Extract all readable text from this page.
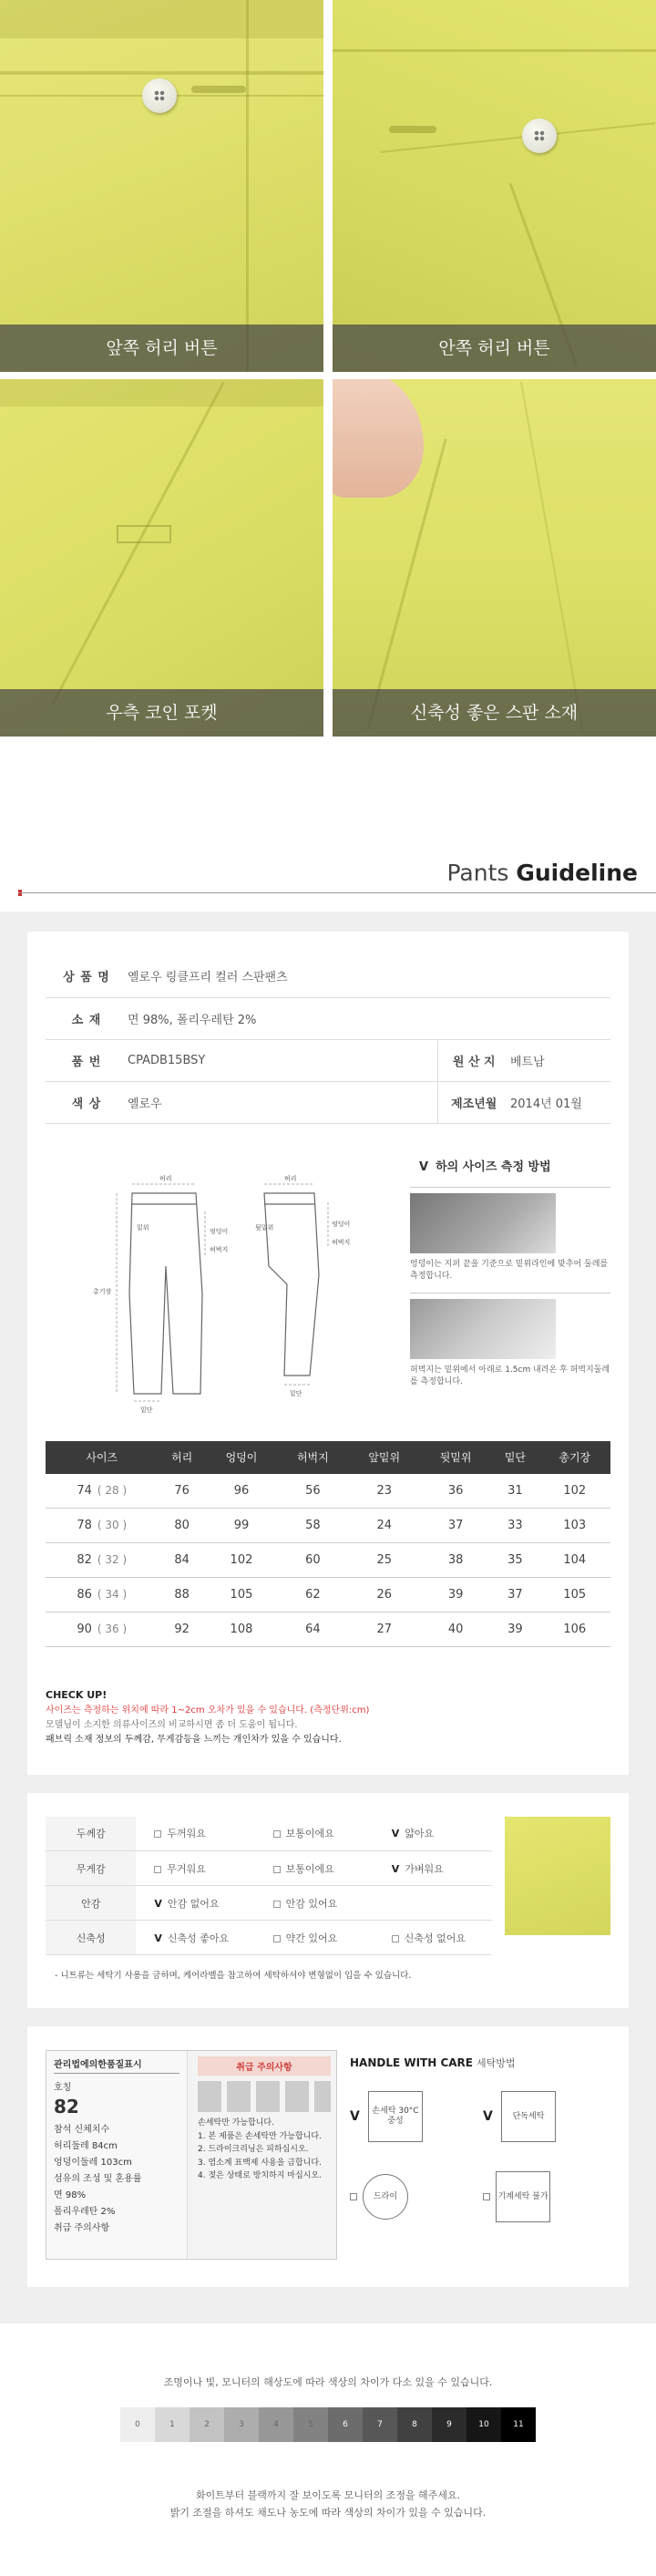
앞쪽 허리 버튼	안쪽 허리 버튼
우측 코인 포켓	신축성 좋은 스판 소재
Pants Guideline
상 품 명	옐로우 링클프리 컬러 스판팬츠		
소 재	면 98%, 폴리우레탄 2%		
품 번	CPADB15BSY	원 산 지	베트남
색 상	옐로우	제조년월	2014년 01월
허리	허리
엉덩이
엉덩이
허벅지
허벅지
총기장
밑위	뒷밑위
밑단
밑단
V 하의 사이즈 측정 방법
엉덩이는 지퍼 끝을 기준으로 밑위라인에 맞추어 둘레를 측정합니다.
허벅지는 밑위에서 아래로 1.5cm 내려온 후 허벅지둘레를 측정합니다.
사이즈	허리	엉덩이	허벅지	앞밑위	뒷밑위	밑단	총기장
74 ( 28 )	76	96	56	23	36	31	102
78 ( 30 )	80	99	58	24	37	33	103
82 ( 32 )	84	102	60	25	38	35	104
86 ( 34 )	88	105	62	26	39	37	105
90 ( 36 )	92	108	64	27	40	39	106
CHECK UP!
사이즈는 측정하는 위치에 따라 1~2cm 오차가 있을 수 있습니다. (측정단위:cm)
모델님이 소지한 의류사이즈의 비교하시면 좀 더 도움이 됩니다.
패브릭 소재 정보의 두께감, 무게감등을 느끼는 개인차가 있을 수 있습니다.
두께감	두꺼워요	보통이에요	V 얇아요
무게감	무거워요	보통이에요	V 가벼워요
안감	V 안감 없어요	안감 있어요	
신축성	V 신축성 좋아요	약간 있어요	신축성 없어요
- 니트류는 세탁기 사용을 금하며, 케어라벨을 참고하여 세탁하셔야 변형없이 입을 수 있습니다.
관리법에의한품질표시
호칭
82
참석 신체치수
허리둘레 84cm
엉덩이둘레 103cm
섬유의 조성 및 혼용률
면 98%
폴리우레탄 2%
취급 주의사항
취급 주의사항
손세탁만 가능합니다.
1. 본 제품은 손세탁만 가능합니다.
2. 드라이크리닝은 피하십시오.
3. 염소계 표백제 사용을 금합니다.
4. 젖은 상태로 방치하지 마십시오.
HANDLE WITH CARE 세탁방법
V	손세탁 30°C 중성	V	단독세탁
드라이	기계세탁 불가
조명이나 빛, 모니터의 해상도에 따라 색상의 차이가 다소 있을 수 있습니다.
0	1	2	3	4	5	6	7	8	9	10	11
화이트부터 블랙까지 잘 보이도록 모니터의 조정을 해주세요.
밝기 조절을 하셔도 채도나 농도에 따라 색상의 차이가 있을 수 있습니다.
